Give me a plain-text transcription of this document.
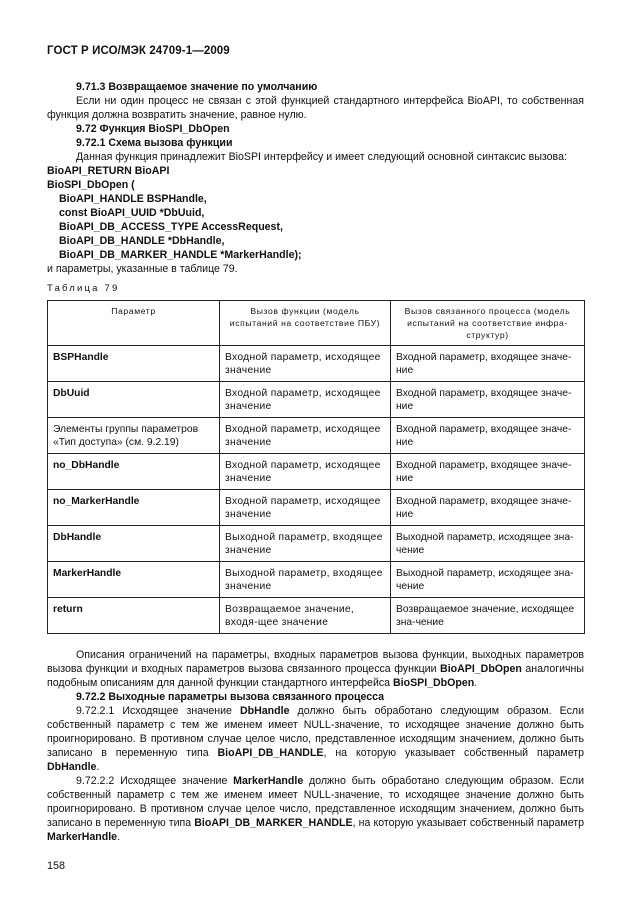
ГОСТ Р ИСО/МЭК 24709-1—2009

9.71.3 Возвращаемое значение по умолчанию

Если ни один процесс не связан с этой функцией стандартного интерфейса BioAPI, то собственная функция должна возвратить значение, равное нулю.

9.72 Функция BioSPI_DbOpen

9.72.1 Схема вызова функции

Данная функция принадлежит BioSPI интерфейсу и имеет следующий основной синтаксис вызова:

BioAPI_RETURN BioAPI

BioSPI_DbOpen (

BioAPI_HANDLE BSPHandle,

const BioAPI_UUID *DbUuid,

BioAPI_DB_ACCESS_TYPE AccessRequest,

BioAPI_DB_HANDLE *DbHandle,

BioAPI_DB_MARKER_HANDLE *MarkerHandle);

и параметры, указанные в таблице 79.

Таблица 79
Параметр	Вызов функции (модель испытаний на соответствие ПБУ)	Вызов связанного процесса (модель испытаний на соответствие инфра-структур)
BSPHandle	Входной параметр, исходящее значение	Входной параметр, входящее значе-ние
DbUuid	Входной параметр, исходящее значение	Входной параметр, входящее значе-ние
Элементы группы параметров «Тип доступа» (см. 9.2.19)	Входной параметр, исходящее значение	Входной параметр, входящее значе-ние
no_DbHandle	Входной параметр, исходящее значение	Входной параметр, входящее значе-ние
no_MarkerHandle	Входной параметр, исходящее значение	Входной параметр, входящее значе-ние
DbHandle	Выходной параметр, входящее значение	Выходной параметр, исходящее зна-чение
MarkerHandle	Выходной параметр, входящее значение	Выходной параметр, исходящее зна-чение
return	Возвращаемое значение, входя-щее значение	Возвращаемое значение, исходящее зна-чение

Описания ограничений на параметры, входных параметров вызова функции, выходных параметров вызова функции и входных параметров вызова связанного процесса функции BioAPI_DbOpen аналогичны подобным описаниям для данной функции стандартного интерфейса BioSPI_DbOpen.

9.72.2 Выходные параметры вызова связанного процесса

9.72.2.1 Исходящее значение DbHandle должно быть обработано следующим образом. Если собственный параметр с тем же именем имеет NULL-значение, то исходящее значение должно быть проигнорировано. В противном случае целое число, представленное исходящим значением, должно быть записано в переменную типа BioAPI_DB_HANDLE, на которую указывает собственный параметр DbHandle.

9.72.2.2 Исходящее значение MarkerHandle должно быть обработано следующим образом. Если собственный параметр с тем же именем имеет NULL-значение, то исходящее значение должно быть проигнорировано. В противном случае целое число, представленное исходящим значением, должно быть записано в переменную типа BioAPI_DB_MARKER_HANDLE, на которую указывает собственный параметр MarkerHandle.

158
